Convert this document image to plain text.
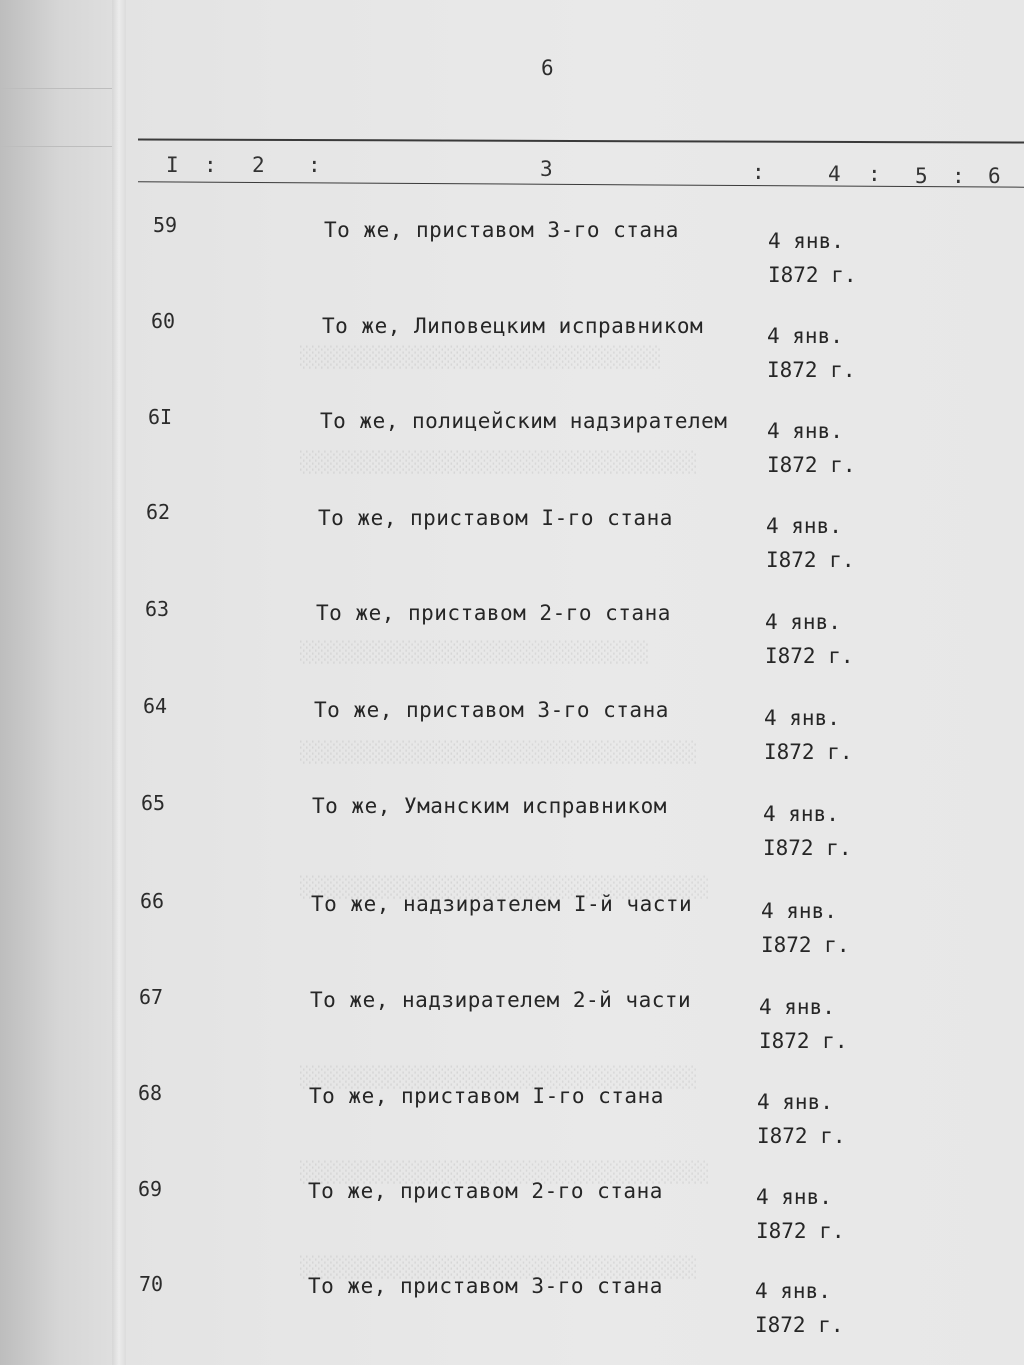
░░░░░░░░░░░░░░░░░░░░░░░░░░░░░░
░░░░░░░░░░░░░░░░░░░░░░░░░░░░░░░░░
░░░░░░░░░░░░░░░░░░░░░░░░░░░░░
░░░░░░░░░░░░░░░░░░░░░░░░░░░░░░░░░
░░░░░░░░░░░░░░░░░░░░░░░░░░░░░░░░░░
░░░░░░░░░░░░░░░░░░░░░░░░░░░░░░░░░
░░░░░░░░░░░░░░░░░░░░░░░░░░░░░░░░░░
░░░░░░░░░░░░░░░░░░░░░░░░░░░░░░░░░
6
I : 2 :	3	:	4 : 5 : 6
59	То же, приставом 3-го стана	4 янв.
I872 г.
60	То же, Липовецким исправником	4 янв.
I872 г.
6I	То же, полицейским надзирателем 4 янв.
I872 г.
62	То же, приставом I-го стана	4 янв.
I872 г.
63	То же, приставом 2-го стана	4 янв.
I872 г.
64	То же, приставом 3-го стана	4 янв.
I872 г.
65	То же, Уманским исправником	4 янв.
I872 г.
66	То же, надзирателем I-й части	4 янв.
I872 г.
67	То же, надзирателем 2-й части	4 янв.
I872 г.
68	То же, приставом I-го стана	4 янв.
I872 г.
69	То же, приставом 2-го стана	4 янв.
I872 г.
70	То же, приставом 3-го стана	4 янв.
I872 г.
